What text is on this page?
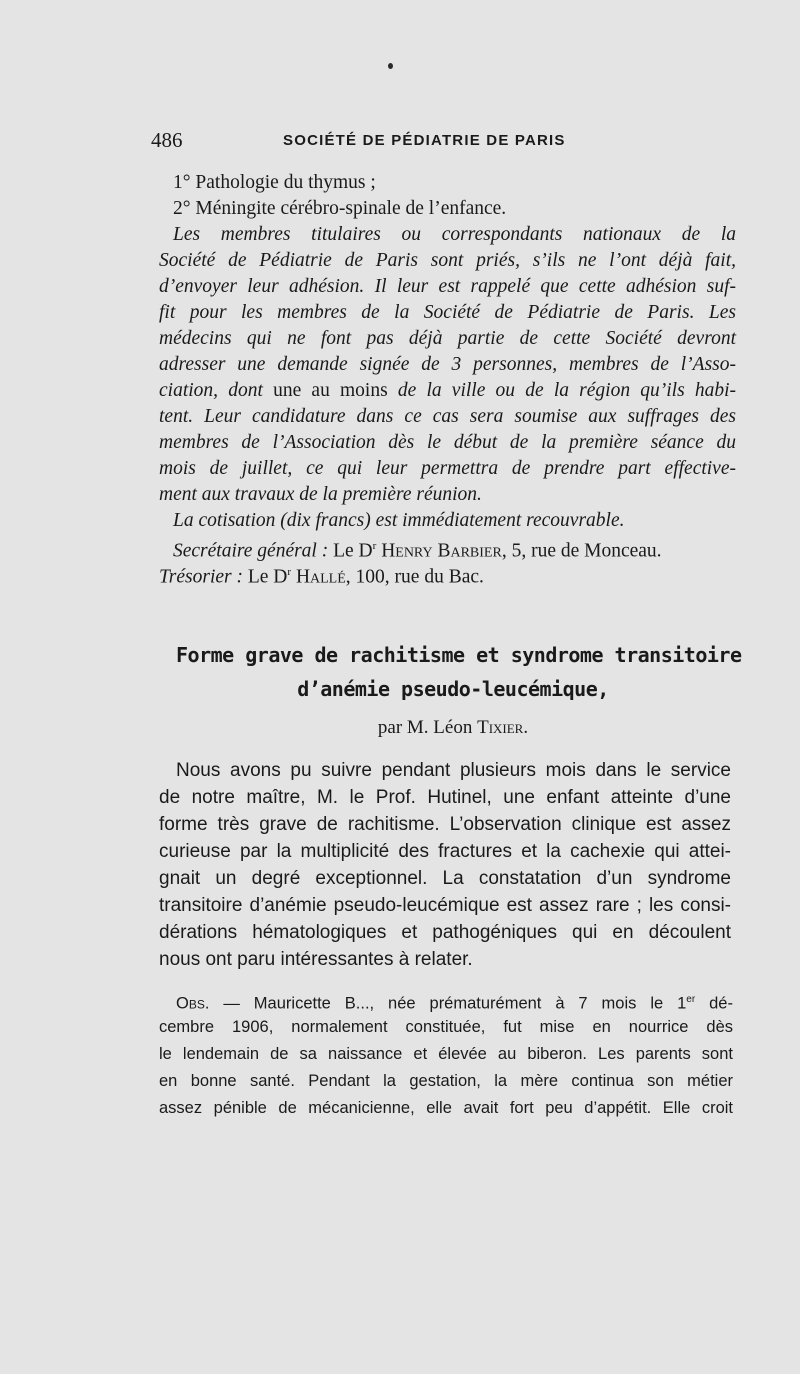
486	SOCIÉTÉ DE PÉDIATRIE DE PARIS
1° Pathologie du thymus ;
2° Méningite cérébro-spinale de l’enfance.
Les membres titulaires ou correspondants nationaux de la
Société de Pédiatrie de Paris sont priés, s’ils ne l’ont déjà fait,
d’envoyer leur adhésion. Il leur est rappelé que cette adhésion suf-
fit pour les membres de la Société de Pédiatrie de Paris. Les
médecins qui ne font pas déjà partie de cette Société devront
adresser une demande signée de 3 personnes, membres de l’Asso-
ciation, dont une au moins de la ville ou de la région qu’ils habi-
tent. Leur candidature dans ce cas sera soumise aux suffrages des
membres de l’Association dès le début de la première séance du
mois de juillet, ce qui leur permettra de prendre part effective-
ment aux travaux de la première réunion.
La cotisation (dix francs) est immédiatement recouvrable.
Secrétaire général : Le $D^r$ Henry Barbier, 5, rue de Monceau.
Trésorier : Le $D^r$ Hallé, 100, rue du Bac.
Forme grave de rachitisme et syndrome transitoire
d’anémie pseudo-leucémique,
par M. Léon Tixier.
Nous avons pu suivre pendant plusieurs mois dans le service
de notre maître, M. le Prof. Hutinel, une enfant atteinte d’une
forme très grave de rachitisme. L’observation clinique est assez
curieuse par la multiplicité des fractures et la cachexie qui attei-
gnait un degré exceptionnel. La constatation d’un syndrome
transitoire d’anémie pseudo-leucémique est assez rare ; les consi-
dérations hématologiques et pathogéniques qui en découlent
nous ont paru intéressantes à relater.
Obs. — Mauricette B..., née prématurément à 7 mois le 1er dé-
cembre 1906, normalement constituée, fut mise en nourrice dès
le lendemain de sa naissance et élevée au biberon. Les parents sont
en bonne santé. Pendant la gestation, la mère continua son métier
assez pénible de mécanicienne, elle avait fort peu d’appétit. Elle croit
